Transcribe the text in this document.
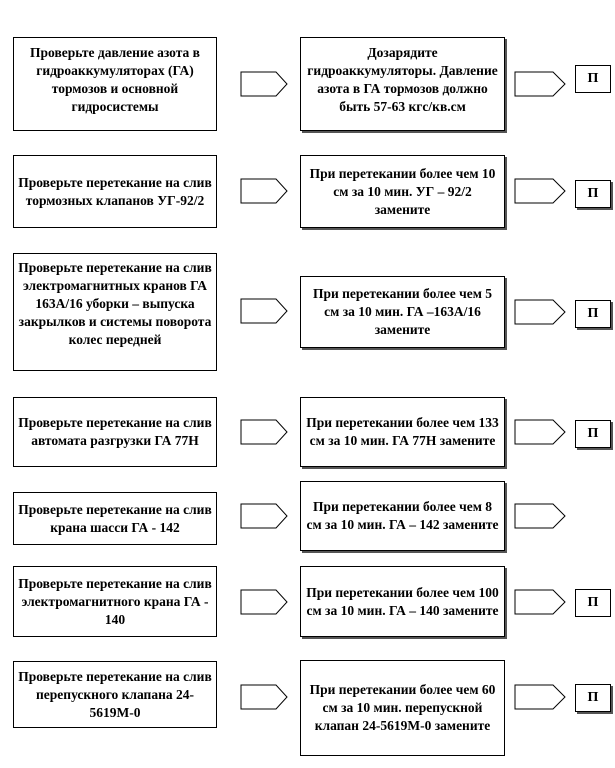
Проверьте давление азота в гидроаккумуляторах (ГА) тормозов и основной гидросистемы
Дозарядите гидроаккумуляторы. Давление азота в ГА тормозов должно быть 57-63 кгс/кв.см
П
Проверьте перетекание на слив тормозных клапанов УГ-92/2
При перетекании более чем 10 см за 10 мин. УГ – 92/2 замените
П
Проверьте перетекание на слив электромагнитных кранов ГА 163А/16 уборки – выпуска закрылков и системы поворота колес передней
При перетекании более чем 5 см за 10 мин. ГА –163А/16 замените
П
Проверьте перетекание на слив автомата разгрузки ГА 77Н
При перетекании более чем 133 см за 10 мин. ГА 77Н замените	П
Проверьте перетекание на слив крана шасси ГА - 142
При перетекании более чем 8 см за 10 мин. ГА – 142 замените
Проверьте перетекание на слив электромагнитного крана ГА - 140
При перетекании более чем 100 см за 10 мин. ГА – 140 замените	П
Проверьте перетекание на слив перепускного клапана 24-5619М-0
При перетекании более чем 60 см за 10 мин. перепускной клапан 24-5619М-0 замените
П
